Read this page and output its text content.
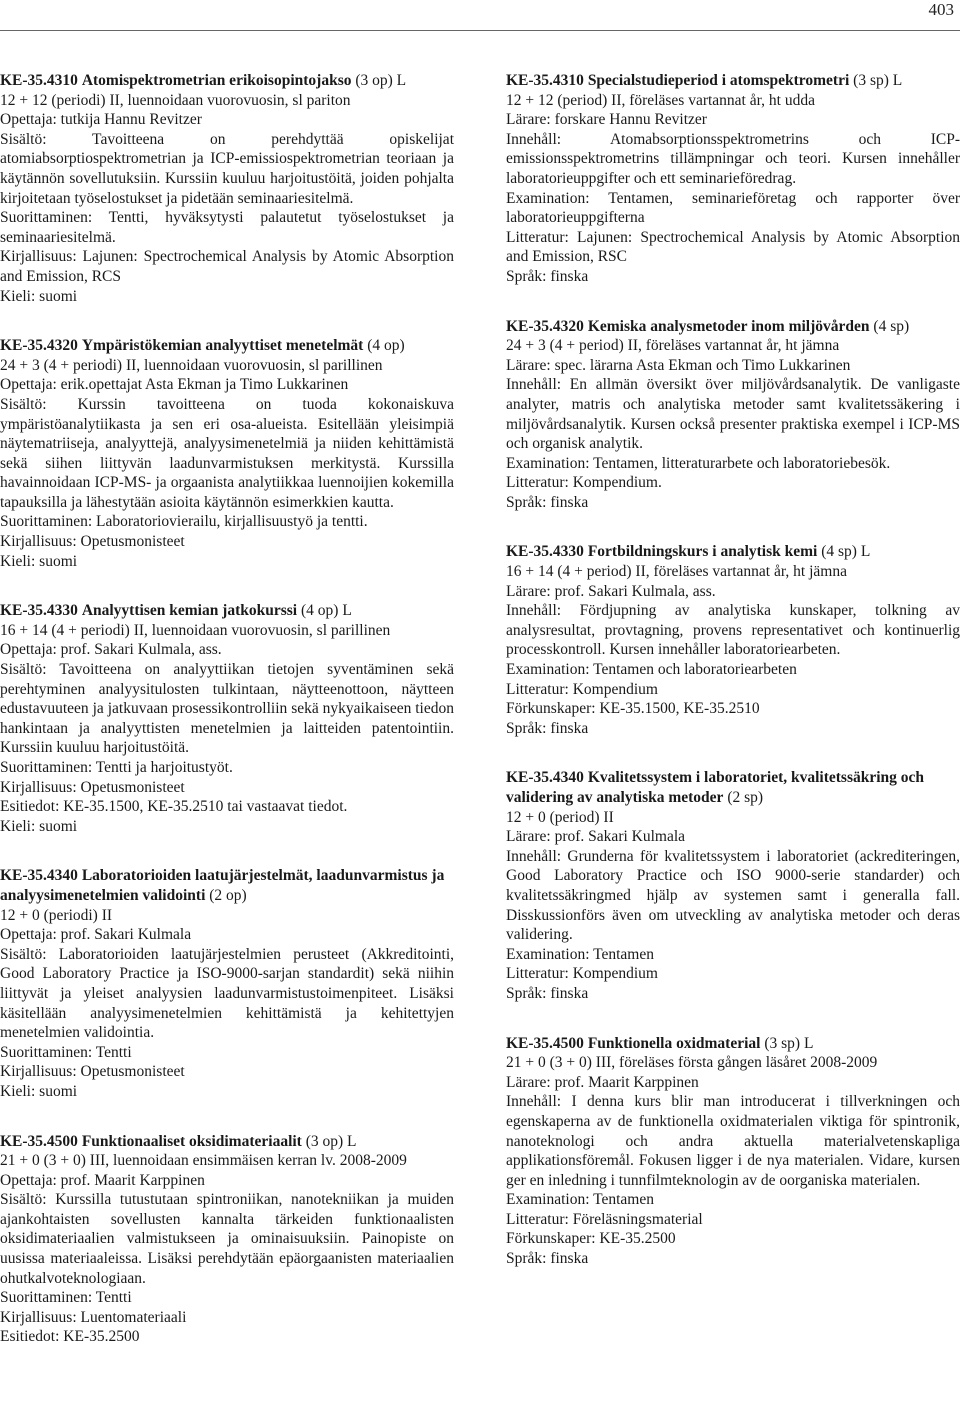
403
KE-35.4310 Atomispektrometrian erikoisopintojakso (3 op) L
12 + 12 (periodi) II, luennoidaan vuorovuosin, sl pariton
Opettaja: tutkija Hannu Revitzer
Sisältö: Tavoitteena on perehdyttää opiskelijat atomiabsorptiospektrometrian ja ICP-emissiospektrometrian teoriaan ja käytännön sovellutuksiin. Kurssiin kuuluu harjoitustöitä, joiden pohjalta kirjoitetaan työselostukset ja pidetään seminaariesitelmä.
Suorittaminen: Tentti, hyväksytysti palautetut työselostukset ja seminaariesitelmä.
Kirjallisuus: Lajunen: Spectrochemical Analysis by Atomic Absorption and Emission, RCS
Kieli: suomi
KE-35.4320 Ympäristökemian analyyttiset menetelmät (4 op)
24 + 3 (4 + periodi) II, luennoidaan vuorovuosin, sl parillinen
Opettaja: erik.opettajat Asta Ekman ja Timo Lukkarinen
Sisältö: Kurssin tavoitteena on tuoda kokonaiskuva ympäristöanalytiikasta ja sen eri osa-alueista. Esitellään yleisimpiä näytematriiseja, analyyttejä, analyysimenetelmiä ja niiden kehittämistä sekä siihen liittyvän laadunvarmistuksen merkitystä. Kurssilla havainnoidaan ICP-MS- ja orgaanista analytiikkaa luennoijien kokemilla tapauksilla ja lähestytään asioita käytännön esimerkkien kautta.
Suorittaminen: Laboratoriovierailu, kirjallisuustyö ja tentti.
Kirjallisuus: Opetusmonisteet
Kieli: suomi
KE-35.4330 Analyyttisen kemian jatkokurssi (4 op) L
16 + 14 (4 + periodi) II, luennoidaan vuorovuosin, sl parillinen
Opettaja: prof. Sakari Kulmala, ass.
Sisältö: Tavoitteena on analyyttiikan tietojen syventäminen sekä perehtyminen analyysitulosten tulkintaan, näytteenottoon, näytteen edustavuuteen ja jatkuvaan prosessikontrolliin sekä nykyaikaiseen tiedon hankintaan ja analyyttisten menetelmien ja laitteiden patentointiin. Kurssiin kuuluu harjoitustöitä.
Suorittaminen: Tentti ja harjoitustyöt.
Kirjallisuus: Opetusmonisteet
Esitiedot: KE-35.1500, KE-35.2510 tai vastaavat tiedot.
Kieli: suomi
KE-35.4340 Laboratorioiden laatujärjestelmät, laadunvarmistus ja analyysimenetelmien validointi (2 op)
12 + 0 (periodi) II
Opettaja: prof. Sakari Kulmala
Sisältö: Laboratorioiden laatujärjestelmien perusteet (Akkreditointi, Good Laboratory Practice ja ISO-9000-sarjan standardit) sekä niihin liittyvät ja yleiset analyysien laadunvarmistustoimenpiteet. Lisäksi käsitellään analyysimenetelmien kehittämistä ja kehitettyjen menetelmien validointia.
Suorittaminen: Tentti
Kirjallisuus: Opetusmonisteet
Kieli: suomi
KE-35.4500 Funktionaaliset oksidimateriaalit (3 op) L
21 + 0 (3 + 0) III, luennoidaan ensimmäisen kerran lv. 2008-2009
Opettaja: prof. Maarit Karppinen
Sisältö: Kurssilla tutustutaan spintroniikan, nanotekniikan ja muiden ajankohtaisten sovellusten kannalta tärkeiden funktionaalisten oksidimateriaalien valmistukseen ja ominaisuuksiin. Painopiste on uusissa materiaaleissa. Lisäksi perehdytään epäorgaanisten materiaalien ohutkalvoteknologiaan.
Suorittaminen: Tentti
Kirjallisuus: Luentomateriaali
Esitiedot: KE-35.2500
KE-35.4310 Specialstudieperiod i atomspektrometri (3 sp) L
12 + 12 (period) II, föreläses vartannat år, ht udda
Lärare: forskare Hannu Revitzer
Innehåll: Atomabsorptionsspektrometrins och ICP-emissionsspektrometrins tillämpningar och teori. Kursen innehåller laboratorieuppgifter och ett seminarieföredrag.
Examination: Tentamen, seminarieföretag och rapporter över laboratorieuppgifterna
Litteratur: Lajunen: Spectrochemical Analysis by Atomic Absorption and Emission, RSC
Språk: finska
KE-35.4320 Kemiska analysmetoder inom miljövården (4 sp)
24 + 3 (4 + period) II, föreläses vartannat år, ht jämna
Lärare: spec. lärarna Asta Ekman och Timo Lukkarinen
Innehåll: En allmän översikt över miljövårdsanalytik. De vanligaste analyter, matris och analytiska metoder samt kvalitetssäkering i miljövårdsanalytik. Kursen också presenter praktiska exempel i ICP-MS och organisk analytik.
Examination: Tentamen, litteraturarbete och laboratoriebesök.
Litteratur: Kompendium.
Språk: finska
KE-35.4330 Fortbildningskurs i analytisk kemi (4 sp) L
16 + 14 (4 + period) II, föreläses vartannat år, ht jämna
Lärare: prof. Sakari Kulmala, ass.
Innehåll: Fördjupning av analytiska kunskaper, tolkning av analysresultat, provtagning, provens representativet och kontinuerlig processkontroll. Kursen innehåller laboratoriearbeten.
Examination: Tentamen och laboratoriearbeten
Litteratur: Kompendium
Förkunskaper: KE-35.1500, KE-35.2510
Språk: finska
KE-35.4340 Kvalitetssystem i laboratoriet, kvalitetssäkring och validering av analytiska metoder (2 sp)
12 + 0 (period) II
Lärare: prof. Sakari Kulmala
Innehåll: Grunderna för kvalitetssystem i laboratoriet (ackrediteringen, Good Laboratory Practice och ISO 9000-serie standarder) och kvalitetssäkringmed hjälp av systemen samt i generalla fall. Disskussionförs även om utveckling av analytiska metoder och deras validering.
Examination: Tentamen
Litteratur: Kompendium
Språk: finska
KE-35.4500 Funktionella oxidmaterial (3 sp) L
21 + 0 (3 + 0) III, föreläses första gången läsåret 2008-2009
Lärare: prof. Maarit Karppinen
Innehåll: I denna kurs blir man introducerat i tillverkningen och egenskaperna av de funktionella oxidmaterialen viktiga för spintronik, nanoteknologi och andra aktuella materialvetenskapliga applikationsföremål. Fokusen ligger i de nya materialen. Vidare, kursen ger en inledning i tunnfilmteknologin av de oorganiska materialen.
Examination: Tentamen
Litteratur: Föreläsningsmaterial
Förkunskaper: KE-35.2500
Språk: finska
